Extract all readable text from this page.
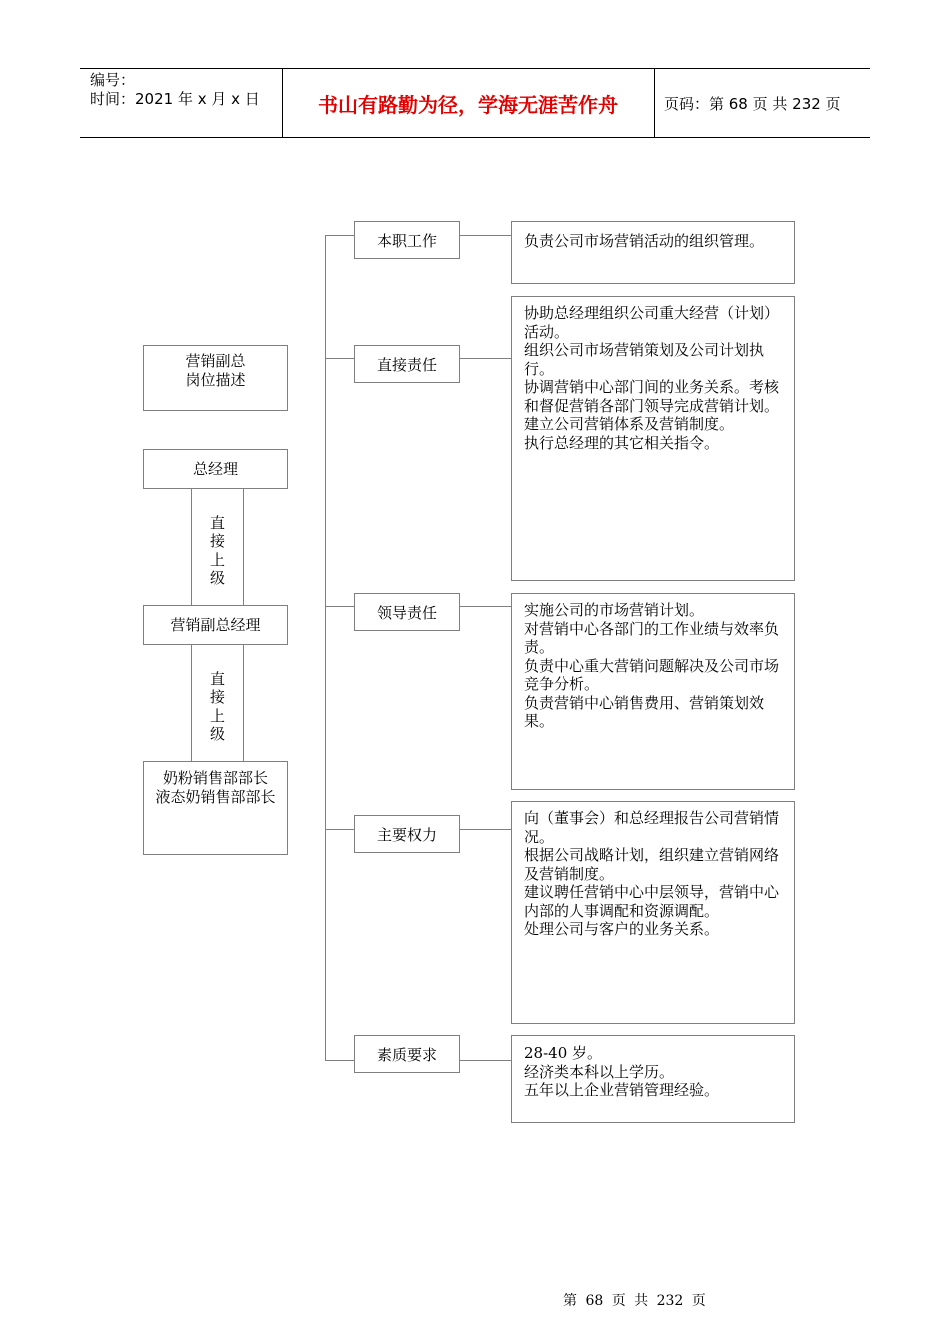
编号：
时间：2021 年 x 月 x 日	书山有路勤为径，学海无涯苦作舟	页码：第 68 页 共 232 页
营销副总
岗位描述
总经理
直
接
上
级
营销副总经理
直
接
上
级
奶粉销售部部长
液态奶销售部部长
本职工作	负责公司市场营销活动的组织管理。
直接责任
协助总经理组织公司重大经营（计划）活动。
组织公司市场营销策划及公司计划执行。
协调营销中心部门间的业务关系。考核和督促营销各部门领导完成营销计划。
建立公司营销体系及营销制度。
执行总经理的其它相关指令。
领导责任	实施公司的市场营销计划。
对营销中心各部门的工作业绩与效率负责。
负责中心重大营销问题解决及公司市场竞争分析。
负责营销中心销售费用、营销策划效果。
主要权力
向（董事会）和总经理报告公司营销情况。
根据公司战略计划，组织建立营销网络及营销制度。
建议聘任营销中心中层领导，营销中心内部的人事调配和资源调配。
处理公司与客户的业务关系。
素质要求	28-40 岁。
经济类本科以上学历。
五年以上企业营销管理经验。
第 68 页 共 232 页
